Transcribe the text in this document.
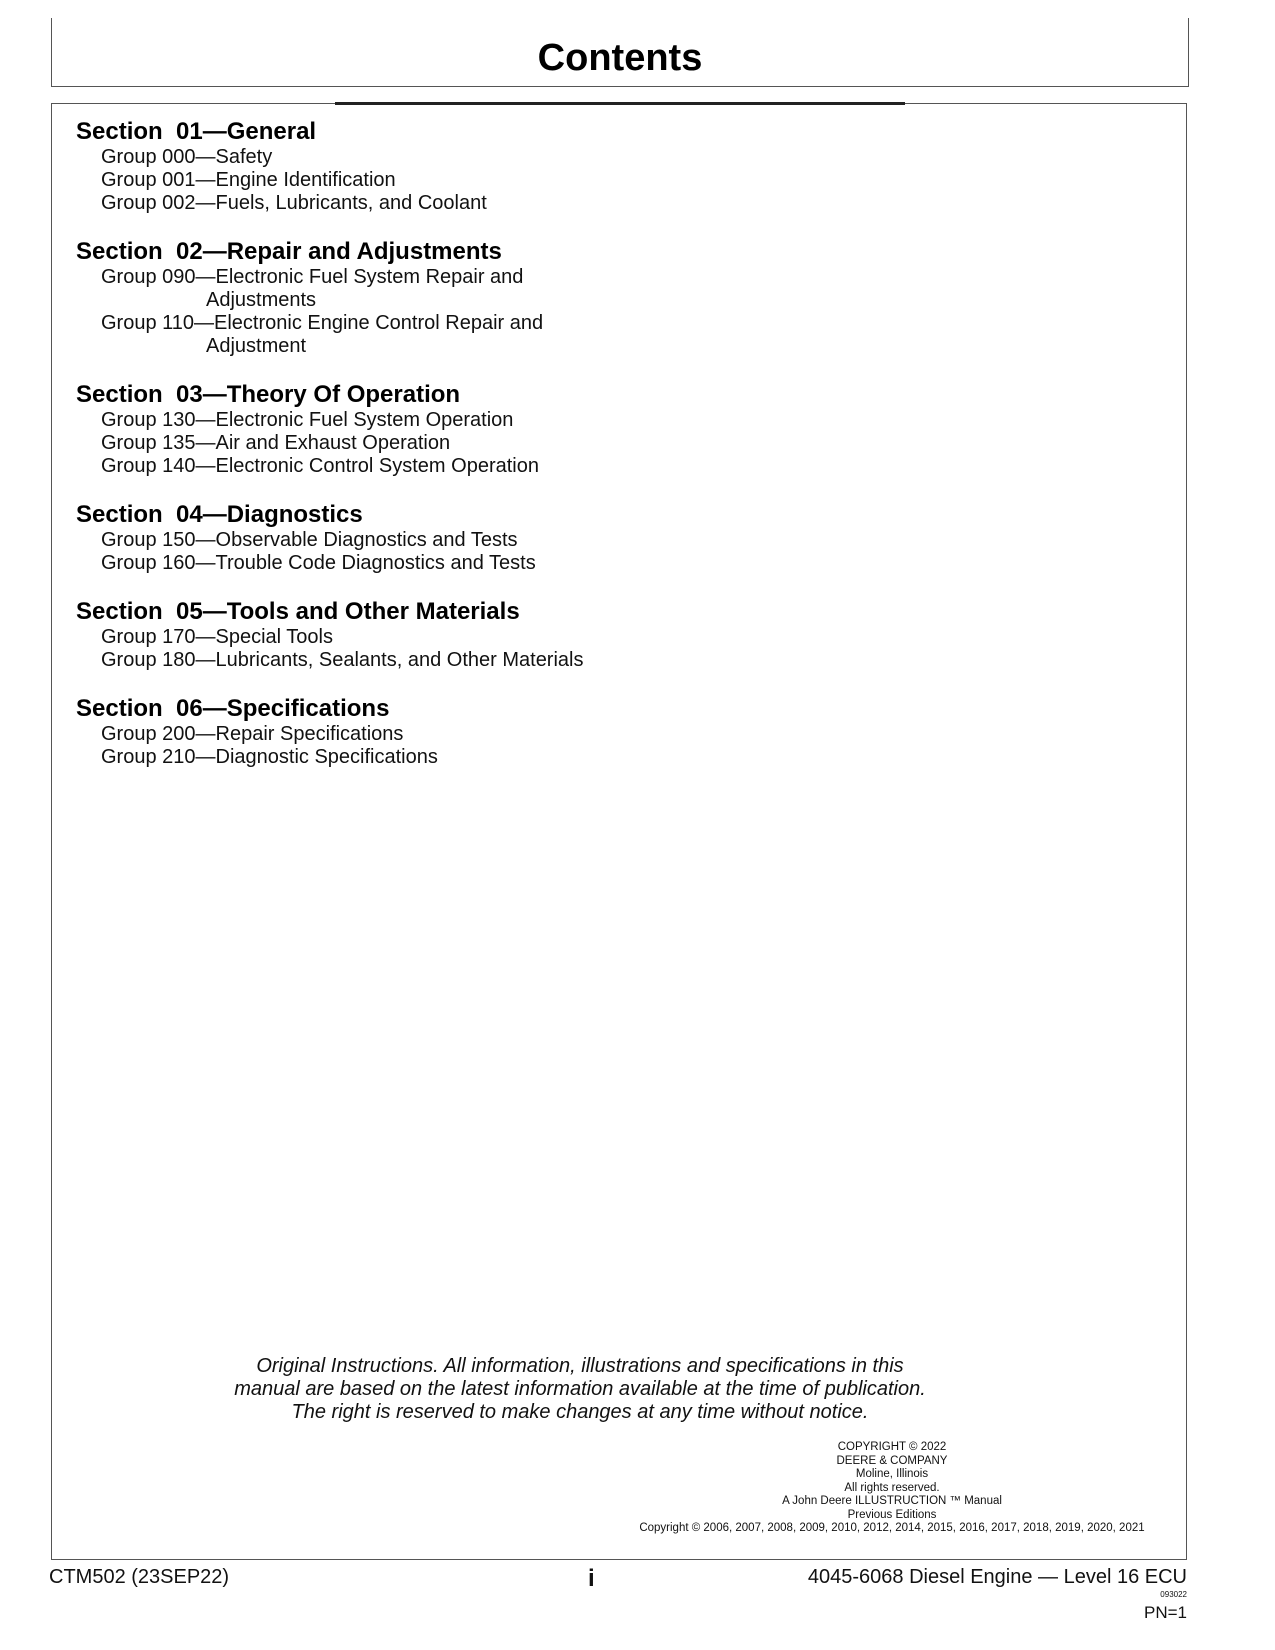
Contents
Section  01—General
Group 000—Safety
Group 001—Engine Identification
Group 002—Fuels, Lubricants, and Coolant
Section  02—Repair and Adjustments
Group 090—Electronic Fuel System Repair and
Adjustments
Group 110—Electronic Engine Control Repair and
Adjustment
Section  03—Theory Of Operation
Group 130—Electronic Fuel System Operation
Group 135—Air and Exhaust Operation
Group 140—Electronic Control System Operation
Section  04—Diagnostics
Group 150—Observable Diagnostics and Tests
Group 160—Trouble Code Diagnostics and Tests
Section  05—Tools and Other Materials
Group 170—Special Tools
Group 180—Lubricants, Sealants, and Other Materials
Section  06—Specifications
Group 200—Repair Specifications
Group 210—Diagnostic Specifications
Original Instructions. All information, illustrations and specifications in this
manual are based on the latest information available at the time of publication.
The right is reserved to make changes at any time without notice.
COPYRIGHT © 2022
DEERE & COMPANY
Moline, Illinois
All rights reserved.
A John Deere ILLUSTRUCTION ™ Manual
Previous Editions
Copyright © 2006, 2007, 2008, 2009, 2010, 2012, 2014, 2015, 2016, 2017, 2018, 2019, 2020, 2021
CTM502 (23SEP22)	i	4045-6068 Diesel Engine — Level 16 ECU
093022
PN=1
